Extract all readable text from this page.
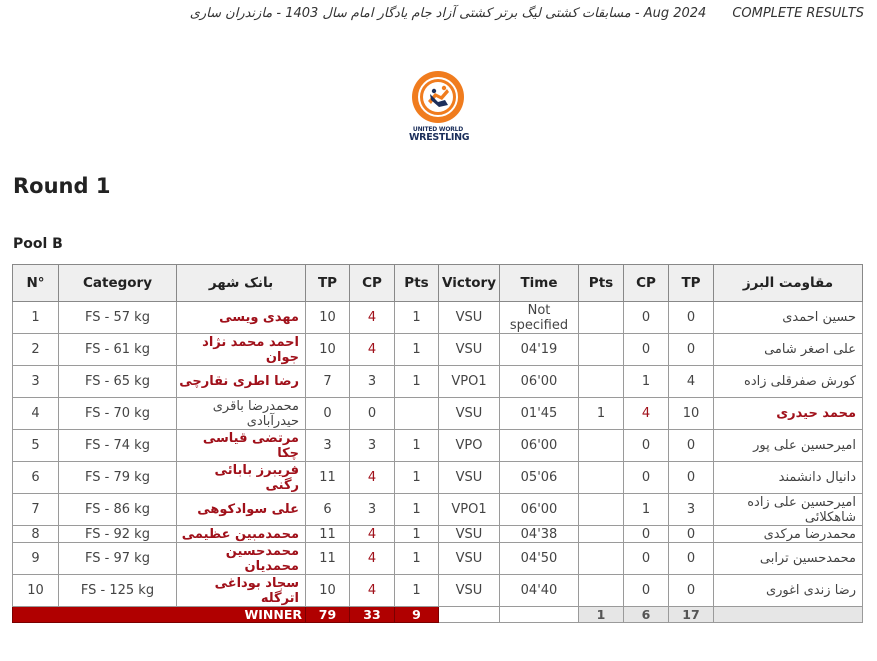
مسابقات کشتی لیگ برتر کشتی آزاد جام یادگار امام سال 1403 - مازندران ساری - Aug 2024 COMPLETE RESULTS
UNITED WORLD
WRESTLING
Round 1
Pool B
N°	Category	بانک شهر	TP	CP	Pts	Victory	Time	Pts	CP	TP	مقاومت البرز
1	FS - 57 kg	مهدی ویسی	10	4	1	VSU	Not specified		0	0	حسین احمدی
2	FS - 61 kg	احمد محمد نژاد جوان	10	4	1	VSU	04'19		0	0	علی اصغر شامی
3	FS - 65 kg	رضا اطری نقارچی	7	3	1	VPO1	06'00		1	4	کورش صفرقلی زاده
4	FS - 70 kg	محمدرضا باقری حیدرآبادی	0	0		VSU	01'45	1	4	10	محمد حیدری
5	FS - 74 kg	مرتضی قیاسی چکا	3	3	1	VPO	06'00		0	0	امیرحسین علی پور
6	FS - 79 kg	فریبرز بابائی رگنی	11	4	1	VSU	05'06		0	0	دانیال دانشمند
7	FS - 86 kg	علی سوادکوهی	6	3	1	VPO1	06'00		1	3	امیرحسین علی زاده شاهکلائی
8	FS - 92 kg	محمدمبین عظیمی	11	4	1	VSU	04'38		0	0	محمدرضا مرکدی
9	FS - 97 kg	محمدحسین محمدیان	11	4	1	VSU	04'50		0	0	محمدحسین ترابی
10	FS - 125 kg	سجاد بوداغی اترگله	10	4	1	VSU	04'40		0	0	رضا زندی اغوری
WINNER			79	33	9			1	6	17	
